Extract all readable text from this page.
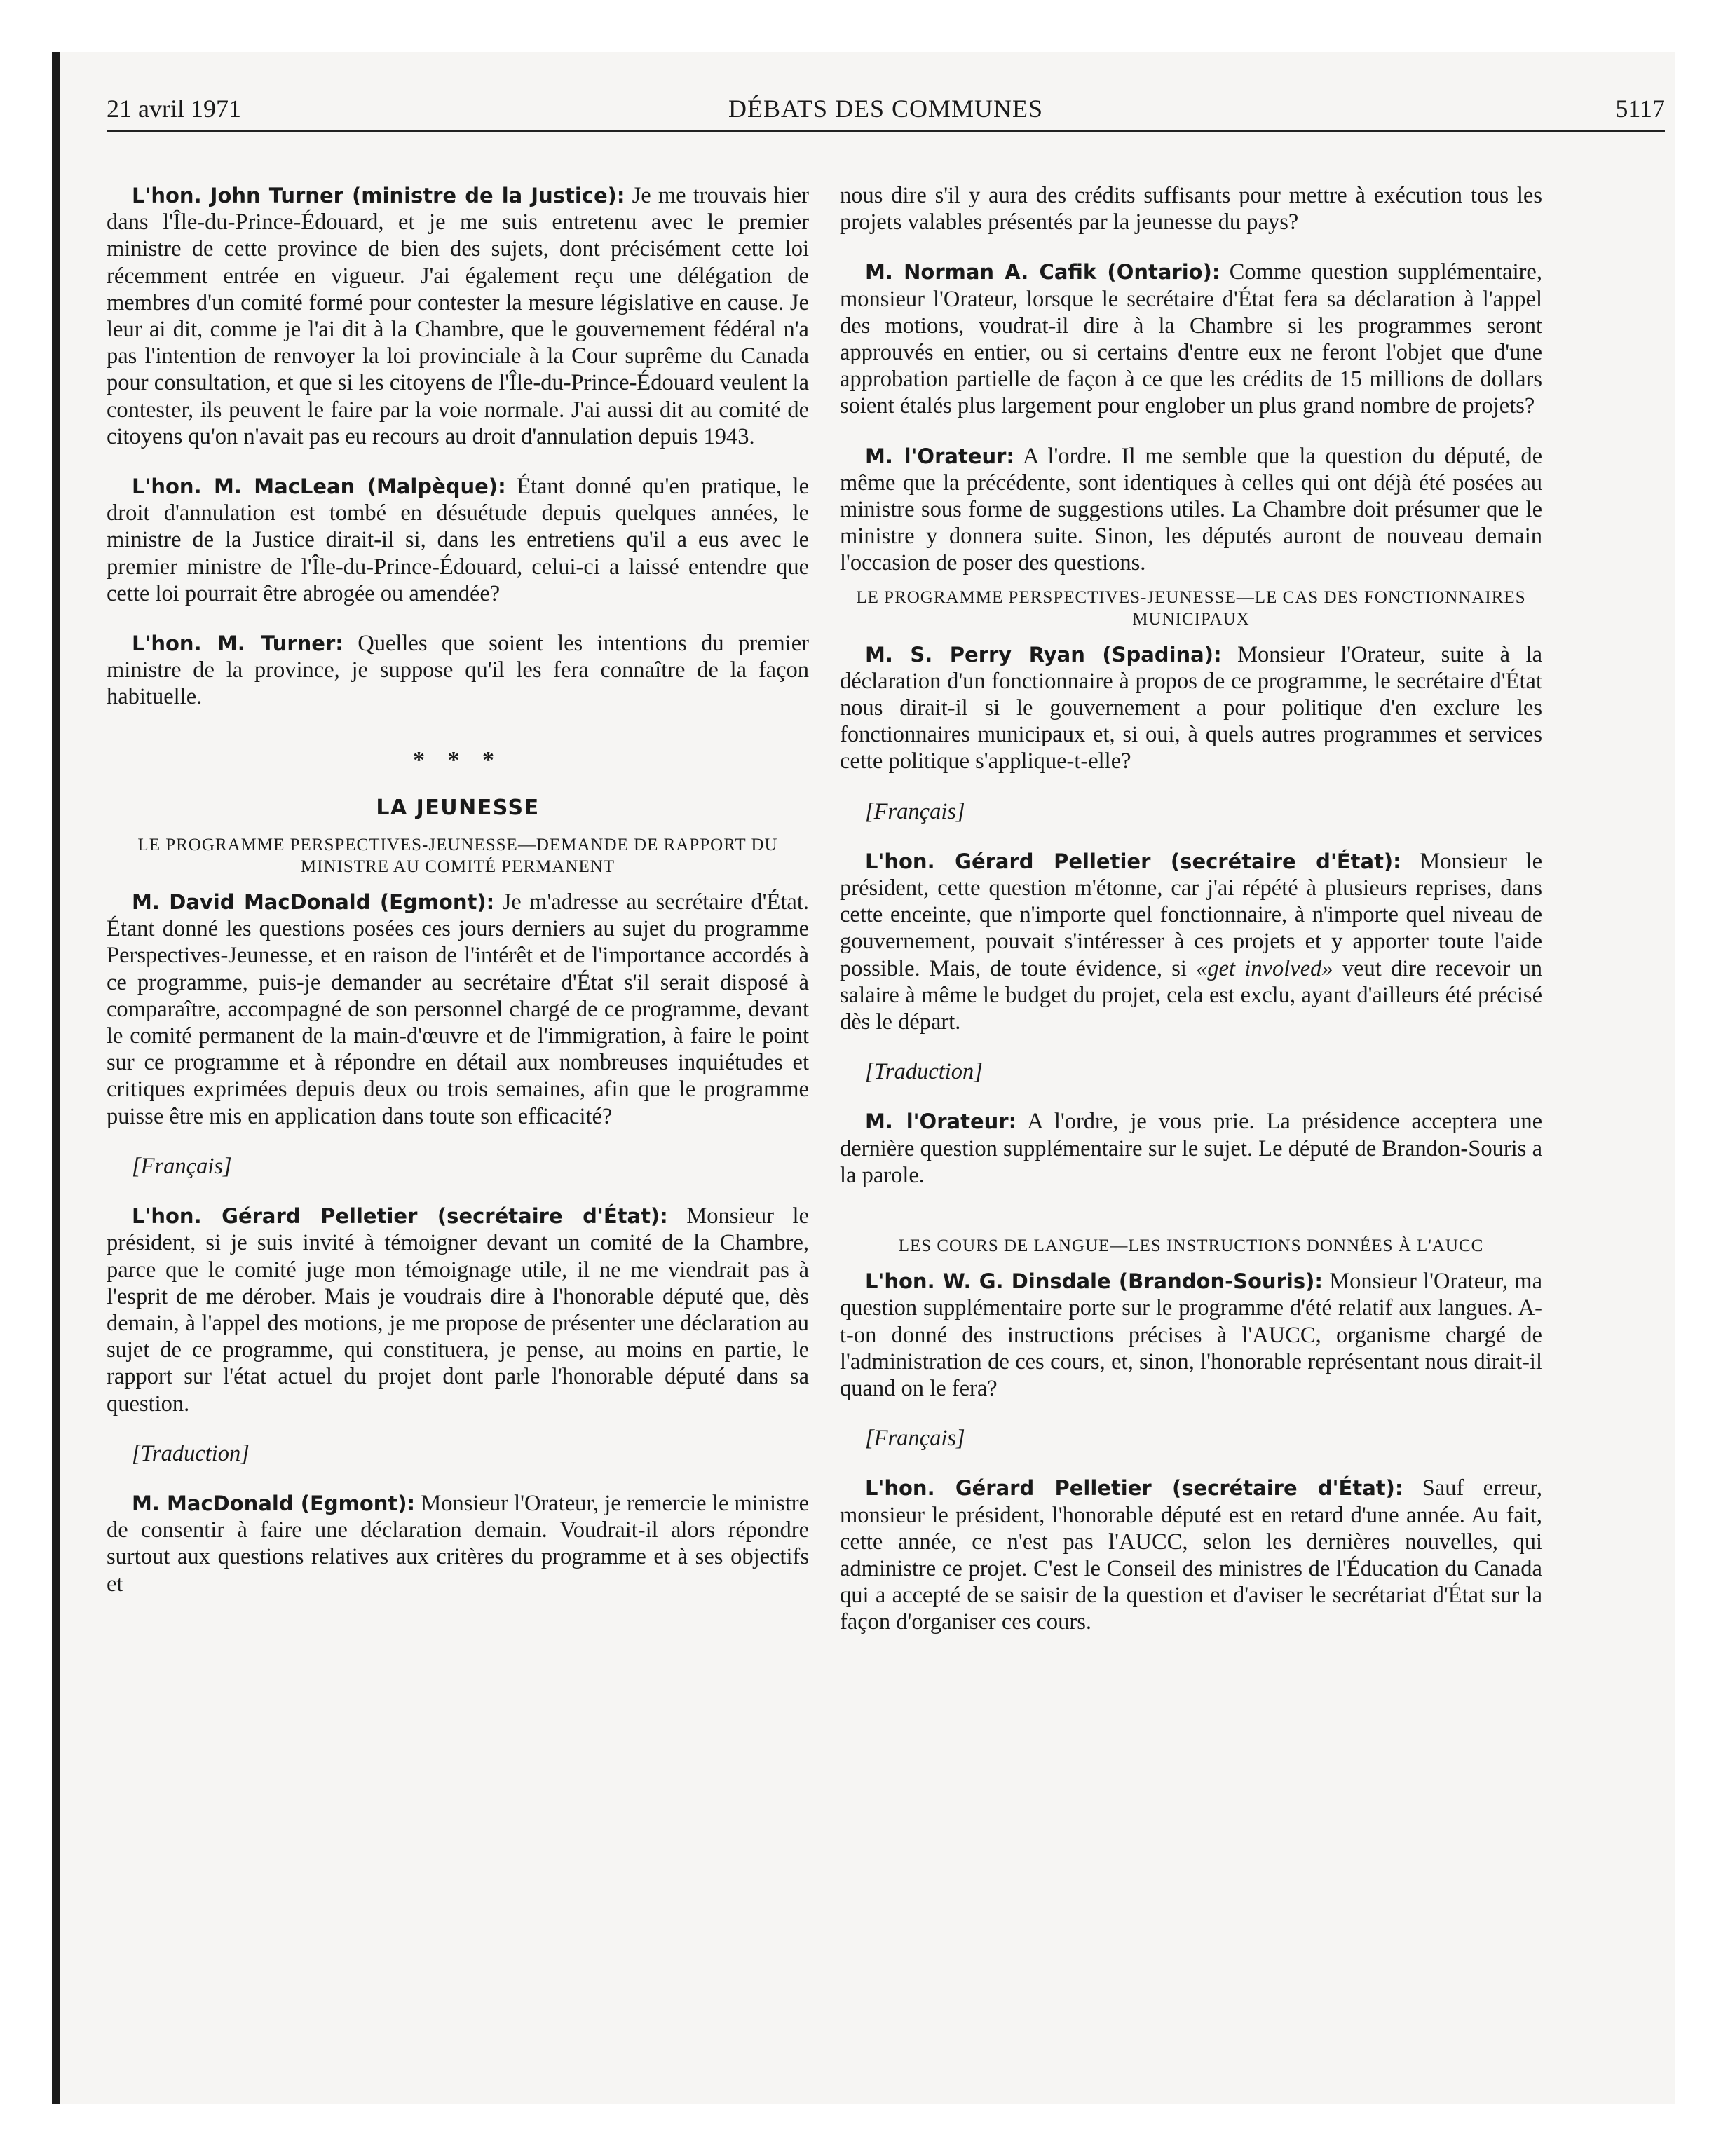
21 avril 1971	DÉBATS DES COMMUNES	5117

L'hon. John Turner (ministre de la Justice): Je me trouvais hier dans l'Île-du-Prince-Édouard, et je me suis entretenu avec le premier ministre de cette province de bien des sujets, dont précisément cette loi récemment entrée en vigueur. J'ai également reçu une délégation de membres d'un comité formé pour contester la mesure législative en cause. Je leur ai dit, comme je l'ai dit à la Chambre, que le gouvernement fédéral n'a pas l'intention de renvoyer la loi provinciale à la Cour suprême du Canada pour consultation, et que si les citoyens de l'Île-du-Prince-Édouard veulent la contester, ils peuvent le faire par la voie normale. J'ai aussi dit au comité de citoyens qu'on n'avait pas eu recours au droit d'annulation depuis 1943.

L'hon. M. MacLean (Malpèque): Étant donné qu'en pratique, le droit d'annulation est tombé en désuétude depuis quelques années, le ministre de la Justice dirait-il si, dans les entretiens qu'il a eus avec le premier ministre de l'Île-du-Prince-Édouard, celui-ci a laissé entendre que cette loi pourrait être abrogée ou amendée?

L'hon. M. Turner: Quelles que soient les intentions du premier ministre de la province, je suppose qu'il les fera connaître de la façon habituelle.

* * *
LA JEUNESSE
LE PROGRAMME PERSPECTIVES-JEUNESSE—DEMANDE DE RAPPORT DU MINISTRE AU COMITÉ PERMANENT

M. David MacDonald (Egmont): Je m'adresse au secrétaire d'État. Étant donné les questions posées ces jours derniers au sujet du programme Perspectives-Jeunesse, et en raison de l'intérêt et de l'importance accordés à ce programme, puis-je demander au secrétaire d'État s'il serait disposé à comparaître, accompagné de son personnel chargé de ce programme, devant le comité permanent de la main-d'œuvre et de l'immigration, à faire le point sur ce programme et à répondre en détail aux nombreuses inquiétudes et critiques exprimées depuis deux ou trois semaines, afin que le programme puisse être mis en application dans toute son efficacité?

[Français]

L'hon. Gérard Pelletier (secrétaire d'État): Monsieur le président, si je suis invité à témoigner devant un comité de la Chambre, parce que le comité juge mon témoignage utile, il ne me viendrait pas à l'esprit de me dérober. Mais je voudrais dire à l'honorable député que, dès demain, à l'appel des motions, je me propose de présenter une déclaration au sujet de ce programme, qui constituera, je pense, au moins en partie, le rapport sur l'état actuel du projet dont parle l'honorable député dans sa question.

[Traduction]

M. MacDonald (Egmont): Monsieur l'Orateur, je remercie le ministre de consentir à faire une déclaration demain. Voudrait-il alors répondre surtout aux questions relatives aux critères du programme et à ses objectifs et

nous dire s'il y aura des crédits suffisants pour mettre à exécution tous les projets valables présentés par la jeunesse du pays?

M. Norman A. Cafik (Ontario): Comme question supplémentaire, monsieur l'Orateur, lorsque le secrétaire d'État fera sa déclaration à l'appel des motions, voudrat-il dire à la Chambre si les programmes seront approuvés en entier, ou si certains d'entre eux ne feront l'objet que d'une approbation partielle de façon à ce que les crédits de 15 millions de dollars soient étalés plus largement pour englober un plus grand nombre de projets?

M. l'Orateur: A l'ordre. Il me semble que la question du député, de même que la précédente, sont identiques à celles qui ont déjà été posées au ministre sous forme de suggestions utiles. La Chambre doit présumer que le ministre y donnera suite. Sinon, les députés auront de nouveau demain l'occasion de poser des questions.

LE PROGRAMME PERSPECTIVES-JEUNESSE—LE CAS DES FONCTIONNAIRES MUNICIPAUX

M. S. Perry Ryan (Spadina): Monsieur l'Orateur, suite à la déclaration d'un fonctionnaire à propos de ce programme, le secrétaire d'État nous dirait-il si le gouvernement a pour politique d'en exclure les fonctionnaires municipaux et, si oui, à quels autres programmes et services cette politique s'applique-t-elle?

[Français]

L'hon. Gérard Pelletier (secrétaire d'État): Monsieur le président, cette question m'étonne, car j'ai répété à plusieurs reprises, dans cette enceinte, que n'importe quel fonctionnaire, à n'importe quel niveau de gouvernement, pouvait s'intéresser à ces projets et y apporter toute l'aide possible. Mais, de toute évidence, si «get involved» veut dire recevoir un salaire à même le budget du projet, cela est exclu, ayant d'ailleurs été précisé dès le départ.

[Traduction]

M. l'Orateur: A l'ordre, je vous prie. La présidence acceptera une dernière question supplémentaire sur le sujet. Le député de Brandon-Souris a la parole.

LES COURS DE LANGUE—LES INSTRUCTIONS DONNÉES À L'AUCC

L'hon. W. G. Dinsdale (Brandon-Souris): Monsieur l'Orateur, ma question supplémentaire porte sur le programme d'été relatif aux langues. A-t-on donné des instructions précises à l'AUCC, organisme chargé de l'administration de ces cours, et, sinon, l'honorable représentant nous dirait-il quand on le fera?

[Français]

L'hon. Gérard Pelletier (secrétaire d'État): Sauf erreur, monsieur le président, l'honorable député est en retard d'une année. Au fait, cette année, ce n'est pas l'AUCC, selon les dernières nouvelles, qui administre ce projet. C'est le Conseil des ministres de l'Éducation du Canada qui a accepté de se saisir de la question et d'aviser le secrétariat d'État sur la façon d'organiser ces cours.
